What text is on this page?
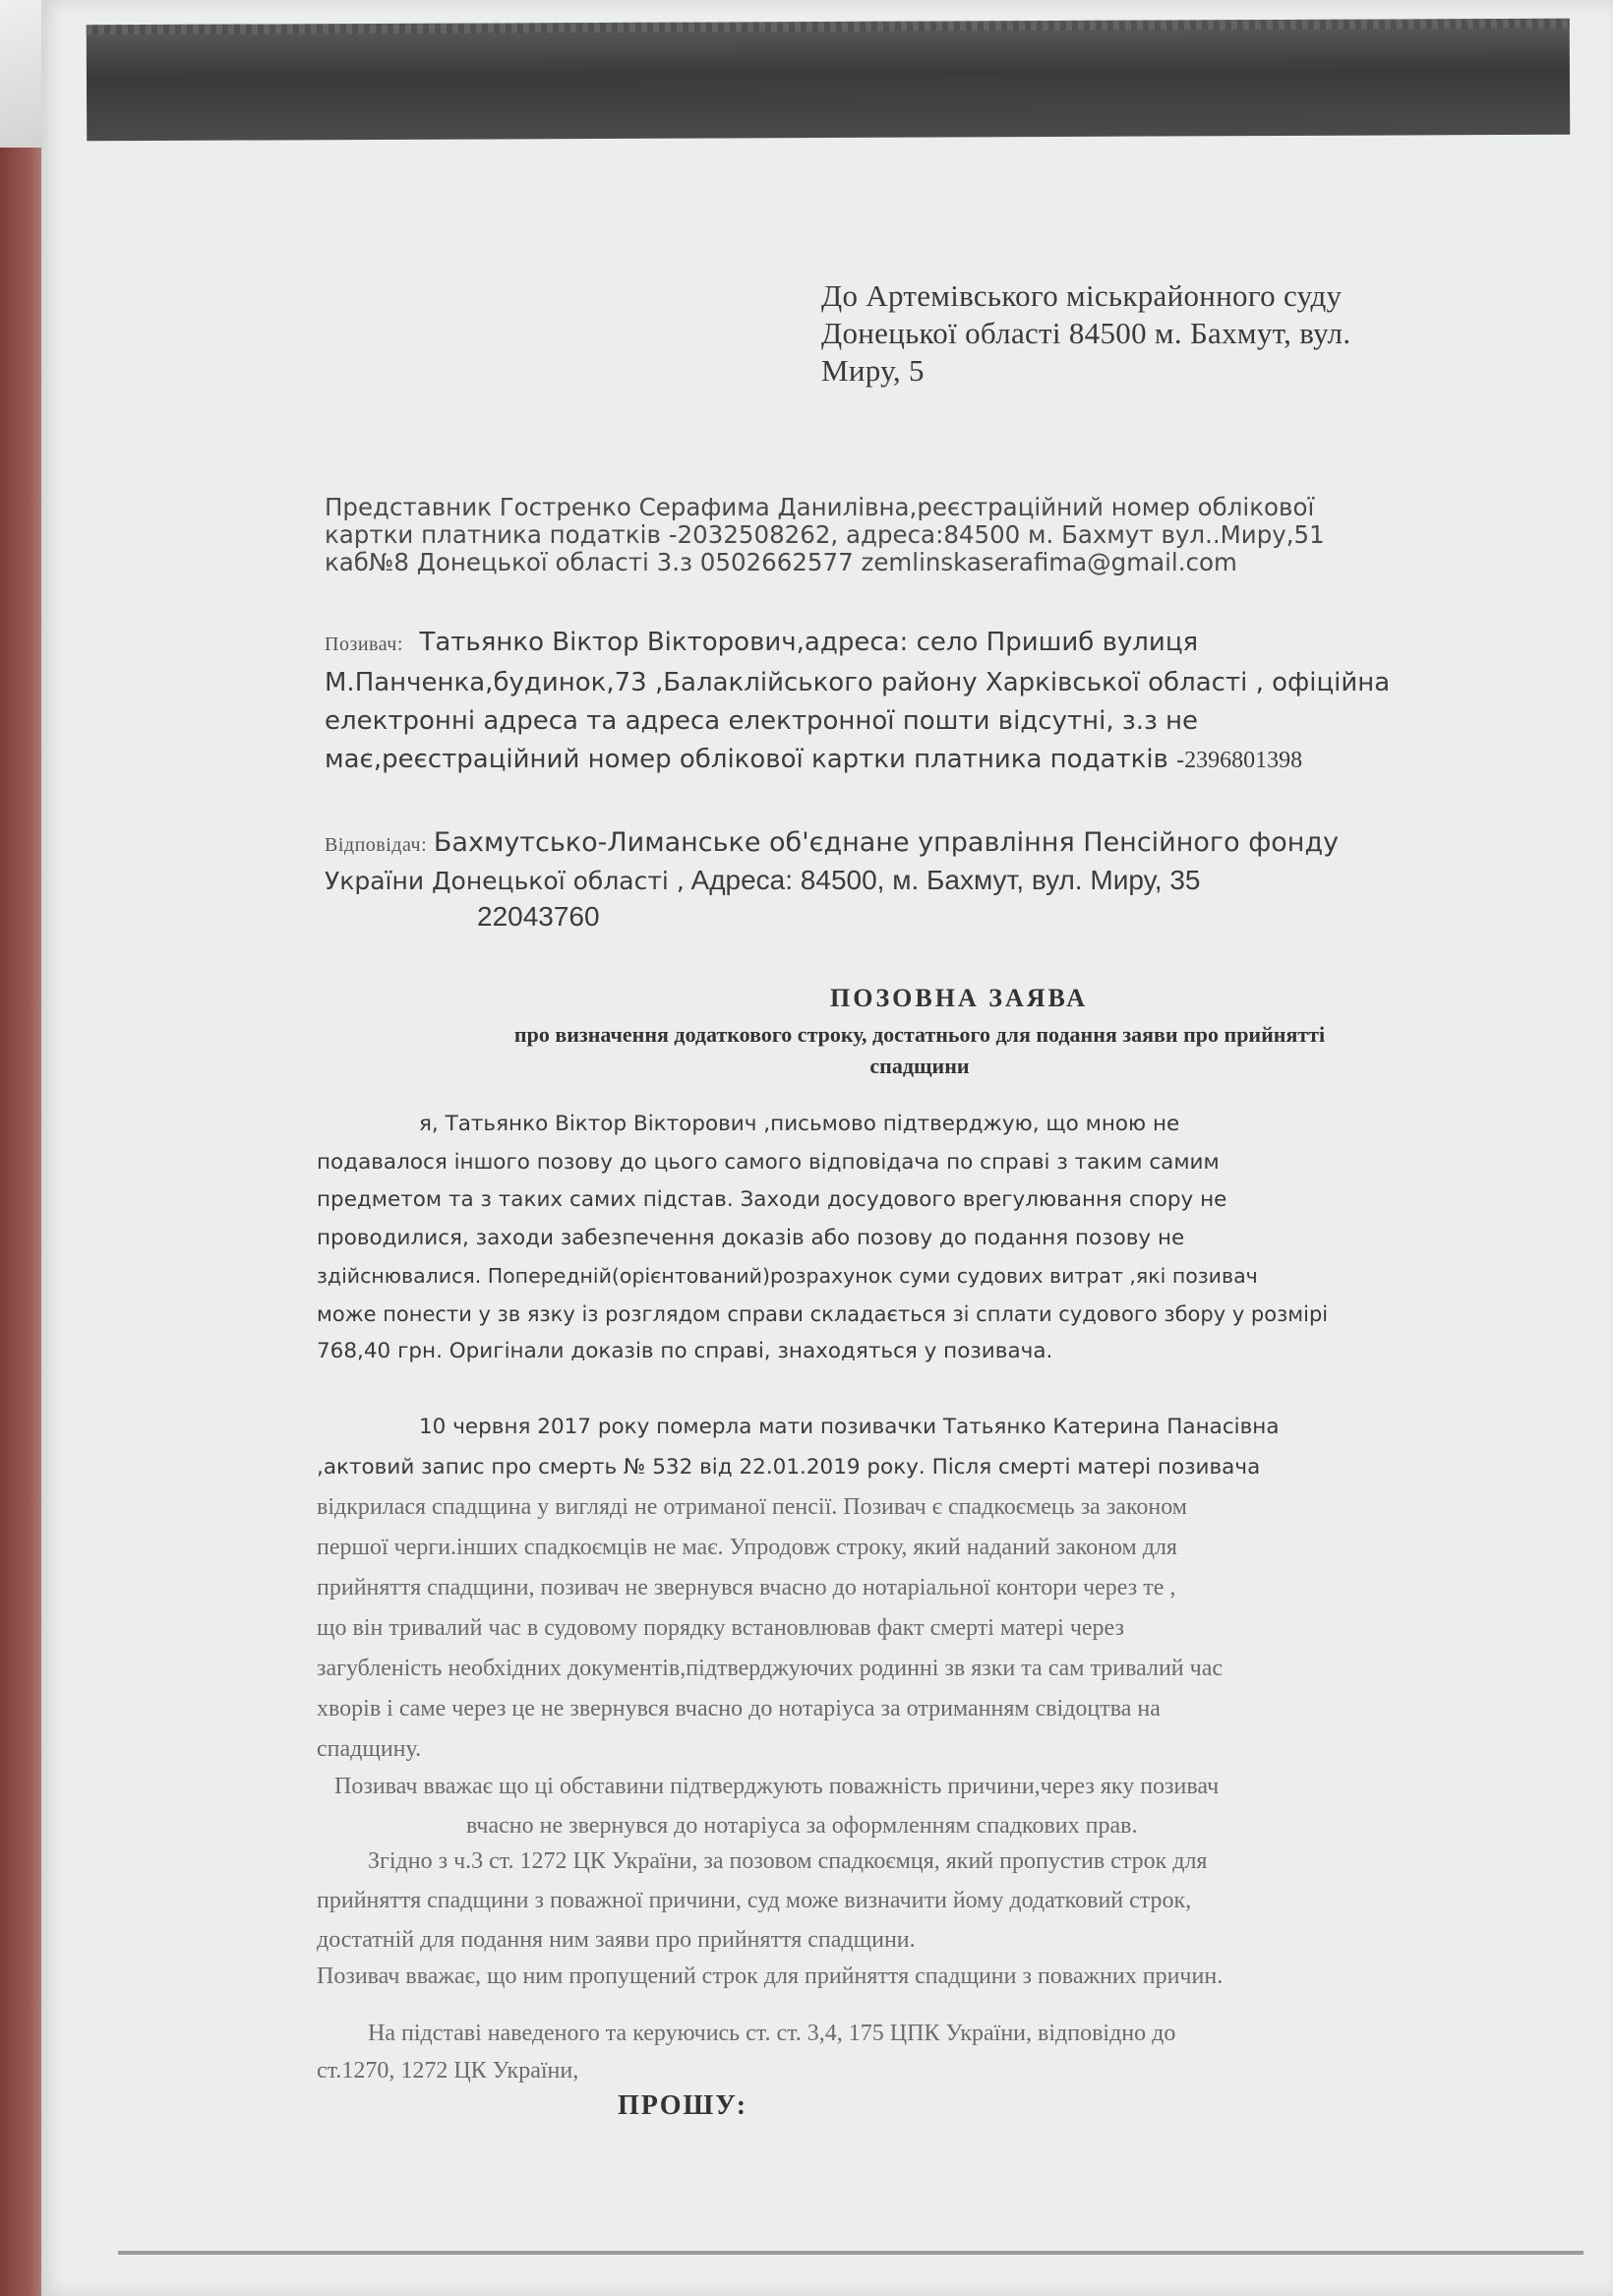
До Артемівського міськрайонного суду
Донецької області 84500 м. Бахмут, вул.
Миру, 5
Представник Гостренко Серафима Данилівна,реєстраційний номер облікової
картки платника податків -2032508262, адреса:84500 м. Бахмут вул..Миру,51
каб№8 Донецької області 3.з 0502662577 zemlinskaserafima@gmail.com
Позивач: Татьянко Віктор Вікторович,адреса: село Пришиб вулиця
М.Панченка,будинок,73 ,Балаклійського району Харківської області , офіційна
електронні адреса та адреса електронної пошти відсутні, з.з не
має,реєстраційний номер облікової картки платника податків -2396801398
Відповідач: Бахмутсько-Лиманське об'єднане управління Пенсійного фонду
України Донецької області , Адреса: 84500, м. Бахмут, вул. Миру, 35
22043760
ПОЗОВНА ЗАЯВА
про визначення додаткового строку, достатнього для подання заяви про прийнятті
спадщини
я, Татьянко Віктор Вікторович ,письмово підтверджую, що мною не
подавалося іншого позову до цього самого відповідача по справі з таким самим
предметом та з таких самих підстав. Заходи досудового врегулювання спору не
проводилися, заходи забезпечення доказів або позову до подання позову не
здійснювалися. Попередній(орієнтований)розрахунок суми судових витрат ,які позивач
може понести у зв язку із розглядом справи складається зі сплати судового збору у розмірі
768,40 грн. Оригінали доказів по справі, знаходяться у позивача.
10 червня 2017 року померла мати позивачки Татьянко Катерина Панасівна
,актовий запис про смерть № 532 від 22.01.2019 року. Після смерті матері позивача
відкрилася спадщина у вигляді не отриманої пенсії. Позивач є спадкоємець за законом
першої черги.інших спадкоємців не має. Упродовж строку, який наданий законом для
прийняття спадщини, позивач не звернувся вчасно до нотаріальної контори через те ,
що він тривалий час в судовому порядку встановлював факт смерті матері через
загубленість необхідних документів,підтверджуючих родинні зв язки та сам тривалий час
хворів і саме через це не звернувся вчасно до нотаріуса за отриманням свідоцтва на
спадщину.
Позивач вважає що ці обставини підтверджують поважність причини,через яку позивач
вчасно не звернувся до нотаріуса за оформленням спадкових прав.
Згідно з ч.3 ст. 1272 ЦК України, за позовом спадкоємця, який пропустив строк для
прийняття спадщини з поважної причини, суд може визначити йому додатковий строк,
достатній для подання ним заяви про прийняття спадщини.
Позивач вважає, що ним пропущений строк для прийняття спадщини з поважних причин.
На підставі наведеного та керуючись ст. ст. 3,4, 175 ЦПК України, відповідно до
ст.1270, 1272 ЦК України,
ПРОШУ:
